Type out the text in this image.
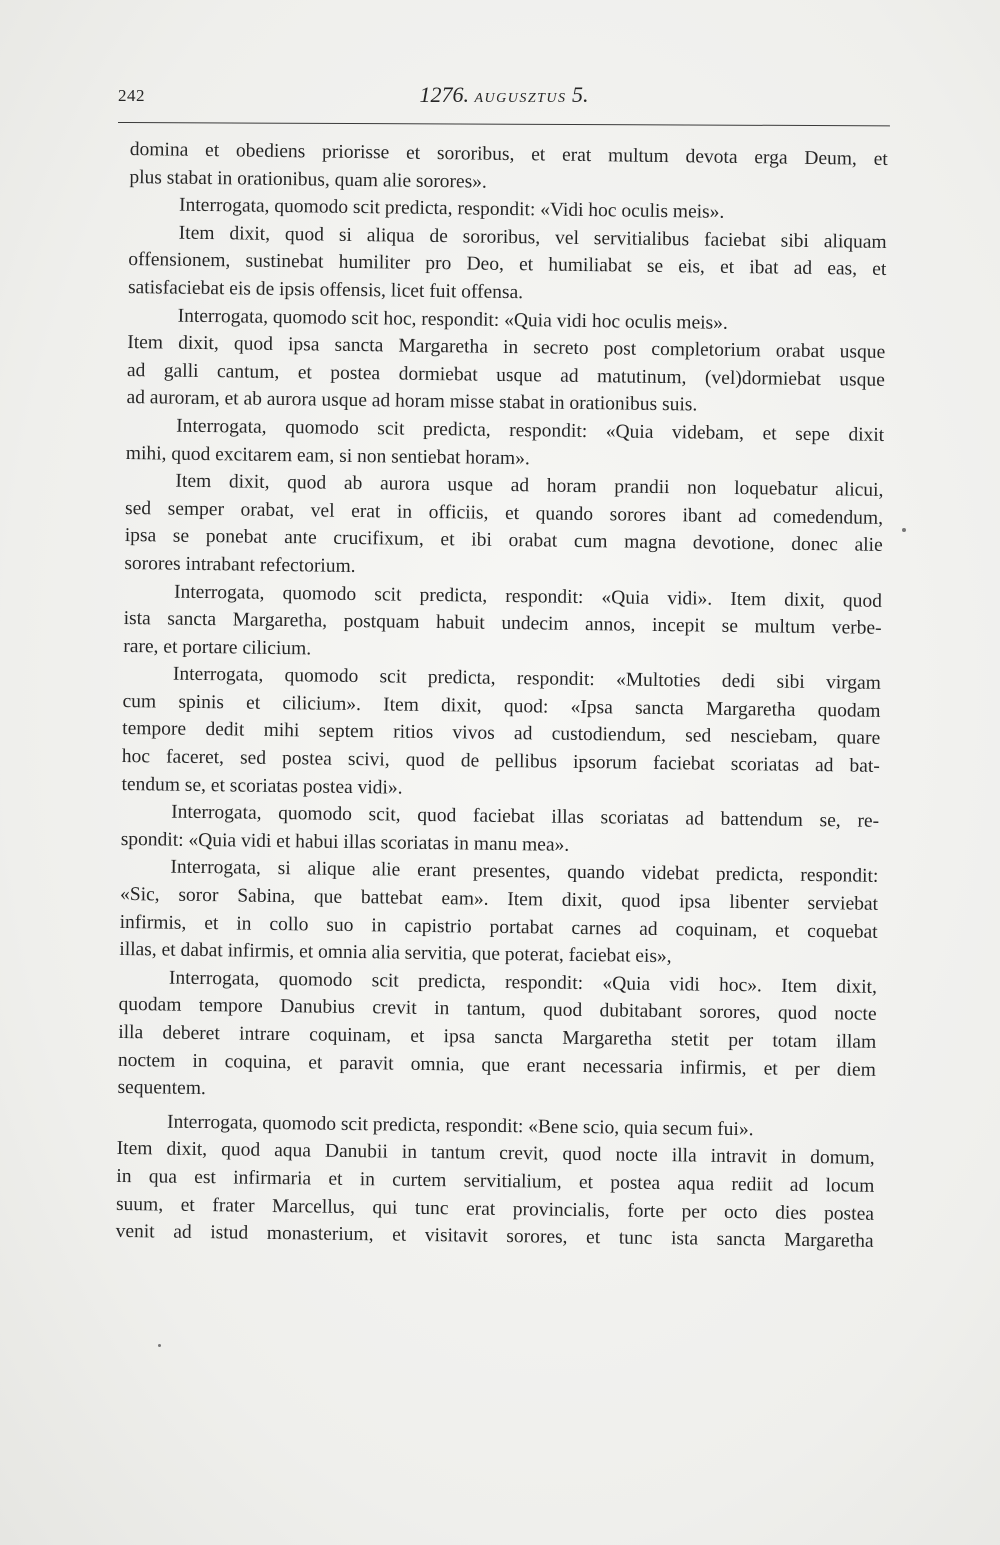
242	1276. AUGUSZTUS 5.
domina et obediens priorisse et sororibus, et erat multum devota erga Deum, et
plus stabat in orationibus, quam alie sorores».
Interrogata, quomodo scit predicta, respondit: «Vidi hoc oculis meis».
Item dixit, quod si aliqua de sororibus, vel servitialibus faciebat sibi aliquam
offensionem, sustinebat humiliter pro Deo, et humiliabat se eis, et ibat ad eas, et
satisfaciebat eis de ipsis offensis, licet fuit offensa.
Interrogata, quomodo scit hoc, respondit: «Quia vidi hoc oculis meis».
Item dixit, quod ipsa sancta Margaretha in secreto post completorium orabat usque
ad galli cantum, et postea dormiebat usque ad matutinum, (vel)dormiebat usque
ad auroram, et ab aurora usque ad horam misse stabat in orationibus suis.
Interrogata, quomodo scit predicta, respondit: «Quia videbam, et sepe dixit
mihi, quod excitarem eam, si non sentiebat horam».
Item dixit, quod ab aurora usque ad horam prandii non loquebatur alicui,
sed semper orabat, vel erat in officiis, et quando sorores ibant ad comedendum,
ipsa se ponebat ante crucifixum, et ibi orabat cum magna devotione, donec alie
sorores intrabant refectorium.
Interrogata, quomodo scit predicta, respondit: «Quia vidi». Item dixit, quod
ista sancta Margaretha, postquam habuit undecim annos, incepit se multum verbe-
rare, et portare cilicium.
Interrogata, quomodo scit predicta, respondit: «Multoties dedi sibi virgam
cum spinis et cilicium». Item dixit, quod: «Ipsa sancta Margaretha quodam
tempore dedit mihi septem ritios vivos ad custodiendum, sed nesciebam, quare
hoc faceret, sed postea scivi, quod de pellibus ipsorum faciebat scoriatas ad bat-
tendum se, et scoriatas postea vidi».
Interrogata, quomodo scit, quod faciebat illas scoriatas ad battendum se, re-
spondit: «Quia vidi et habui illas scoriatas in manu mea».
Interrogata, si alique alie erant presentes, quando videbat predicta, respondit:
«Sic, soror Sabina, que battebat eam». Item dixit, quod ipsa libenter serviebat
infirmis, et in collo suo in capistrio portabat carnes ad coquinam, et coquebat
illas, et dabat infirmis, et omnia alia servitia, que poterat, faciebat eis»,
Interrogata, quomodo scit predicta, respondit: «Quia vidi hoc». Item dixit,
quodam tempore Danubius crevit in tantum, quod dubitabant sorores, quod nocte
illa deberet intrare coquinam, et ipsa sancta Margaretha stetit per totam illam
noctem in coquina, et paravit omnia, que erant necessaria infirmis, et per diem
sequentem.
Interrogata, quomodo scit predicta, respondit: «Bene scio, quia secum fui».
Item dixit, quod aqua Danubii in tantum crevit, quod nocte illa intravit in domum,
in qua est infirmaria et in curtem servitialium, et postea aqua rediit ad locum
suum, et frater Marcellus, qui tunc erat provincialis, forte per octo dies postea
venit ad istud monasterium, et visitavit sorores, et tunc ista sancta Margaretha
